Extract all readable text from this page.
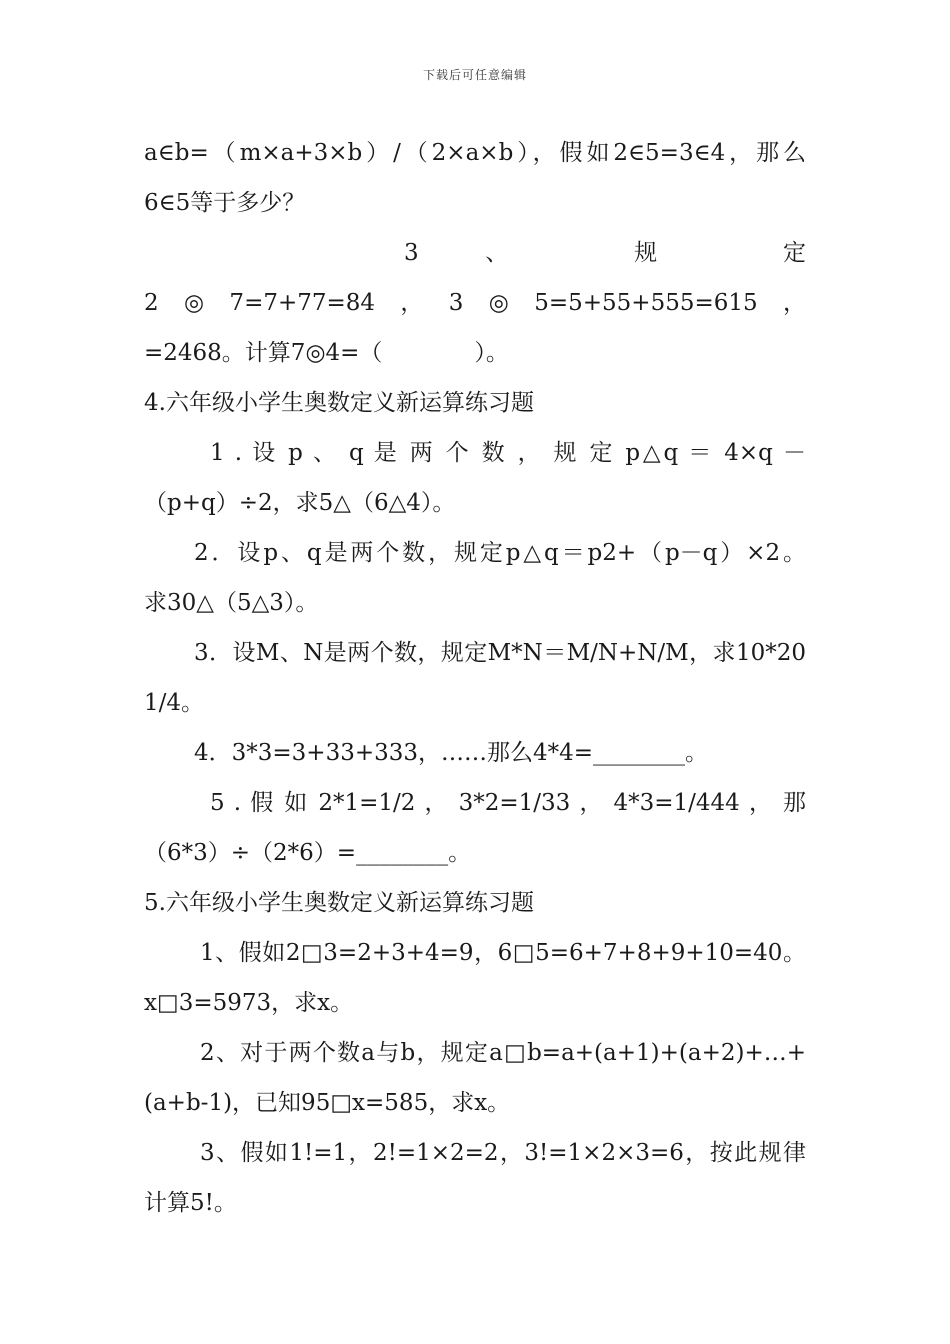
下载后可任意编辑
a∈b=（m×a+3×b）/（2×a×b），假如2∈5=3∈4，那么
6∈5等于多少？
3 、 规 定
2◎7=7+77=84，3◎5=5+55+555=615，
=2468。计算7◎4=（　　　　）。
4.六年级小学生奥数定义新运算练习题
1 . 设 p 、 q 是 两 个 数 ， 规 定 p△q ＝ 4×q －
（p+q）÷2，求5△（6△4）。
2．设p、q是两个数，规定p△q＝p2+（p－q）×2。
求30△（5△3）。
3．设M、N是两个数，规定M*N＝M/N+N/M，求10*20
1/4。
4．3*3=3+33+333，……那么4*4=________。
5 . 假 如 2*1=1/2 ， 3*2=1/33 ， 4*3=1/444 ， 那
（6*3）÷（2*6）=________。
5.六年级小学生奥数定义新运算练习题
1、假如2□3=2+3+4=9，6□5=6+7+8+9+10=40。
x□3=5973，求x。
2、对于两个数a与b，规定a□b=a+(a+1)+(a+2)+…+
(a+b-1)，已知95□x=585，求x。
3、假如1!=1，2!=1×2=2，3!=1×2×3=6，按此规律
计算5!。
